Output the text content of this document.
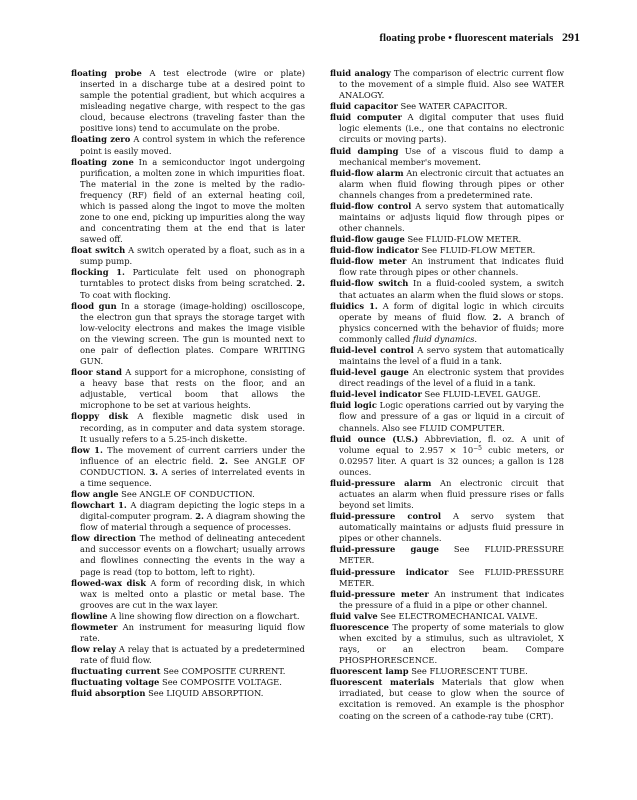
floating probe • fluorescent materials 291

floating probe A test electrode (wire or plate) inserted in a discharge tube at a desired point to sample the potential gradient, but which acquires a misleading negative charge, with respect to the gas cloud, because electrons (traveling faster than the positive ions) tend to accumulate on the probe.

floating zero A control system in which the reference point is easily moved.

floating zone In a semiconductor ingot undergoing purification, a molten zone in which impurities float. The material in the zone is melted by the radio-frequency (RF) field of an external heating coil, which is passed along the ingot to move the molten zone to one end, picking up impurities along the way and concentrating them at the end that is later sawed off.

float switch A switch operated by a float, such as in a sump pump.

flocking 1. Particulate felt used on phonograph turntables to protect disks from being scratched. 2. To coat with flocking.

flood gun In a storage (image-holding) oscilloscope, the electron gun that sprays the storage target with low-velocity electrons and makes the image visible on the viewing screen. The gun is mounted next to one pair of deflection plates. Compare WRITING GUN.

floor stand A support for a microphone, consisting of a heavy base that rests on the floor, and an adjustable, vertical boom that allows the microphone to be set at various heights.

floppy disk A flexible magnetic disk used in recording, as in computer and data system storage. It usually refers to a 5.25-inch diskette.

flow 1. The movement of current carriers under the influence of an electric field. 2. See ANGLE OF CONDUCTION. 3. A series of interrelated events in a time sequence.

flow angle See ANGLE OF CONDUCTION.

flowchart 1. A diagram depicting the logic steps in a digital-computer program. 2. A diagram showing the flow of material through a sequence of processes.

flow direction The method of delineating antecedent and successor events on a flowchart; usually arrows and flowlines connecting the events in the way a page is read (top to bottom, left to right).

flowed-wax disk A form of recording disk, in which wax is melted onto a plastic or metal base. The grooves are cut in the wax layer.

flowline A line showing flow direction on a flowchart.

flowmeter An instrument for measuring liquid flow rate.

flow relay A relay that is actuated by a predetermined rate of fluid flow.

fluctuating current See COMPOSITE CURRENT.

fluctuating voltage See COMPOSITE VOLTAGE.

fluid absorption See LIQUID ABSORPTION.

fluid analogy The comparison of electric current flow to the movement of a simple fluid. Also see WATER ANALOGY.

fluid capacitor See WATER CAPACITOR.

fluid computer A digital computer that uses fluid logic elements (i.e., one that contains no electronic circuits or moving parts).

fluid damping Use of a viscous fluid to damp a mechanical member's movement.

fluid-flow alarm An electronic circuit that actuates an alarm when fluid flowing through pipes or other channels changes from a predetermined rate.

fluid-flow control A servo system that automatically maintains or adjusts liquid flow through pipes or other channels.

fluid-flow gauge See FLUID-FLOW METER.

fluid-flow indicator See FLUID-FLOW METER.

fluid-flow meter An instrument that indicates fluid flow rate through pipes or other channels.

fluid-flow switch In a fluid-cooled system, a switch that actuates an alarm when the fluid slows or stops.

fluidics 1. A form of digital logic in which circuits operate by means of fluid flow. 2. A branch of physics concerned with the behavior of fluids; more commonly called fluid dynamics.

fluid-level control A servo system that automatically maintains the level of a fluid in a tank.

fluid-level gauge An electronic system that provides direct readings of the level of a fluid in a tank.

fluid-level indicator See FLUID-LEVEL GAUGE.

fluid logic Logic operations carried out by varying the flow and pressure of a gas or liquid in a circuit of channels. Also see FLUID COMPUTER.

fluid ounce (U.S.) Abbreviation, fl. oz. A unit of volume equal to $2.957 \times 10^{-5}$ cubic meters, or 0.02957 liter. A quart is 32 ounces; a gallon is 128 ounces.

fluid-pressure alarm An electronic circuit that actuates an alarm when fluid pressure rises or falls beyond set limits.

fluid-pressure control A servo system that automatically maintains or adjusts fluid pressure in pipes or other channels.

fluid-pressure gauge See FLUID-PRESSURE METER.

fluid-pressure indicator See FLUID-PRESSURE METER.

fluid-pressure meter An instrument that indicates the pressure of a fluid in a pipe or other channel.

fluid valve See ELECTROMECHANICAL VALVE.

fluorescence The property of some materials to glow when excited by a stimulus, such as ultraviolet, X rays, or an electron beam. Compare PHOSPHORESCENCE.

fluorescent lamp See FLUORESCENT TUBE.

fluorescent materials Materials that glow when irradiated, but cease to glow when the source of excitation is removed. An example is the phosphor coating on the screen of a cathode-ray tube (CRT).
